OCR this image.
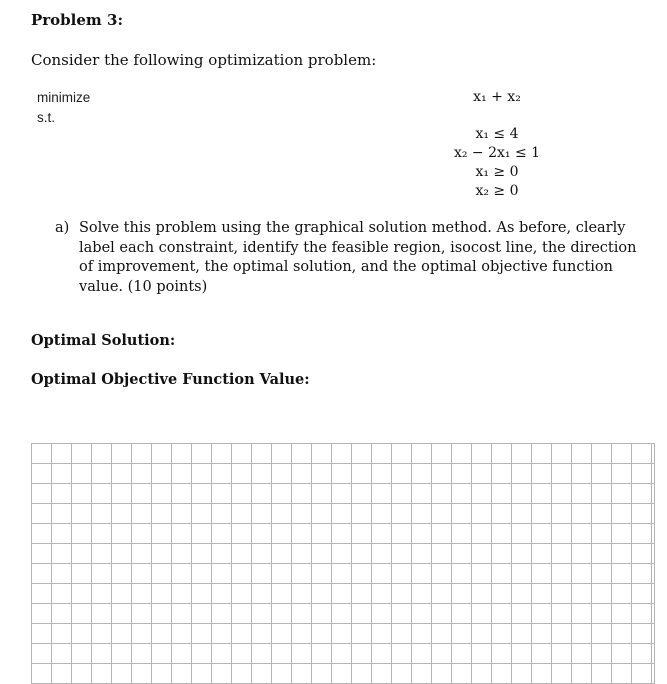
Problem 3:
Consider the following optimization problem:
minimize
s.t.
x₁ + x₂
x₁ ≤ 4
x₂ − 2x₁ ≤ 1
x₁ ≥ 0
x₂ ≥ 0
a) Solve this problem using the graphical solution method. As before, clearly label each constraint, identify the feasible region, isocost line, the direction of improvement, the optimal solution, and the optimal objective function value. (10 points)
Optimal Solution:
Optimal Objective Function Value:
